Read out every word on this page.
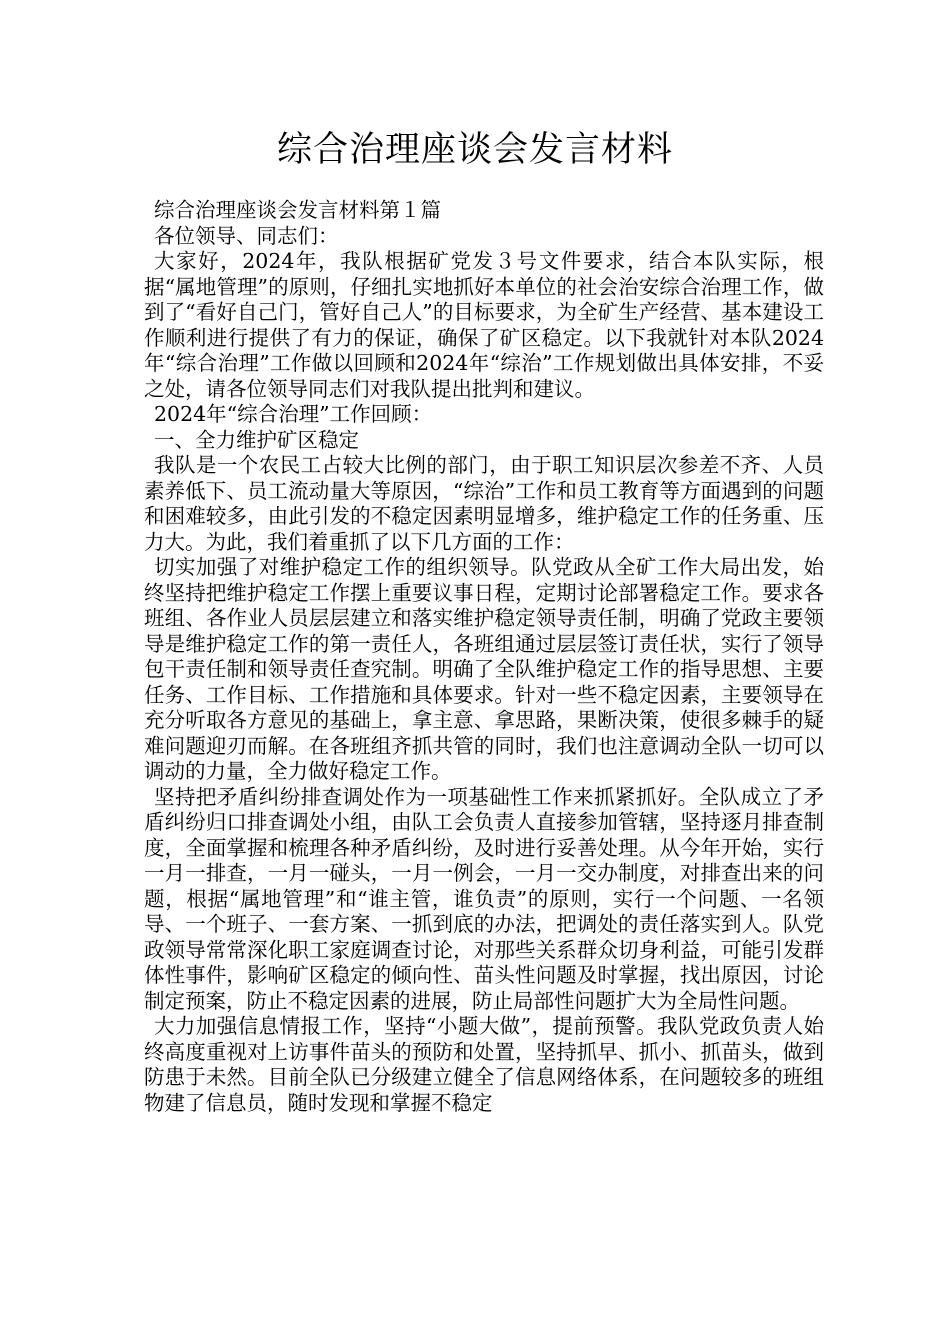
综合治理座谈会发言材料

综合治理座谈会发言材料第１篇

各位领导、同志们：

大家好，2024年，我队根据矿党发３号文件要求，结合本队实际，根据“属地管理”的原则，仔细扎实地抓好本单位的社会治安综合治理工作，做到了“看好自己门，管好自己人”的目标要求，为全矿生产经营、基本建设工作顺利进行提供了有力的保证，确保了矿区稳定。以下我就针对本队2024年“综合治理”工作做以回顾和2024年“综治”工作规划做出具体安排，不妥之处，请各位领导同志们对我队提出批判和建议。

2024年“综合治理”工作回顾：

一、全力维护矿区稳定

我队是一个农民工占较大比例的部门，由于职工知识层次参差不齐、人员素养低下、员工流动量大等原因，“综治”工作和员工教育等方面遇到的问题和困难较多，由此引发的不稳定因素明显增多，维护稳定工作的任务重、压力大。为此，我们着重抓了以下几方面的工作：

切实加强了对维护稳定工作的组织领导。队党政从全矿工作大局出发，始终坚持把维护稳定工作摆上重要议事日程，定期讨论部署稳定工作。要求各班组、各作业人员层层建立和落实维护稳定领导责任制，明确了党政主要领导是维护稳定工作的第一责任人，各班组通过层层签订责任状，实行了领导包干责任制和领导责任查究制。明确了全队维护稳定工作的指导思想、主要任务、工作目标、工作措施和具体要求。针对一些不稳定因素，主要领导在充分听取各方意见的基础上，拿主意、拿思路，果断决策，使很多棘手的疑难问题迎刃而解。在各班组齐抓共管的同时，我们也注意调动全队一切可以调动的力量，全力做好稳定工作。

坚持把矛盾纠纷排查调处作为一项基础性工作来抓紧抓好。全队成立了矛盾纠纷归口排查调处小组，由队工会负责人直接参加管辖，坚持逐月排查制度，全面掌握和梳理各种矛盾纠纷，及时进行妥善处理。从今年开始，实行一月一排查，一月一碰头，一月一例会，一月一交办制度，对排查出来的问题，根据“属地管理”和“谁主管，谁负责”的原则，实行一个问题、一名领导、一个班子、一套方案、一抓到底的办法，把调处的责任落实到人。队党政领导常常深化职工家庭调查讨论，对那些关系群众切身利益，可能引发群体性事件，影响矿区稳定的倾向性、苗头性问题及时掌握，找出原因，讨论制定预案，防止不稳定因素的进展，防止局部性问题扩大为全局性问题。

大力加强信息情报工作，坚持“小题大做”，提前预警。我队党政负责人始终高度重视对上访事件苗头的预防和处置，坚持抓早、抓小、抓苗头，做到防患于未然。目前全队已分级建立健全了信息网络体系，在问题较多的班组物建了信息员，随时发现和掌握不稳定
